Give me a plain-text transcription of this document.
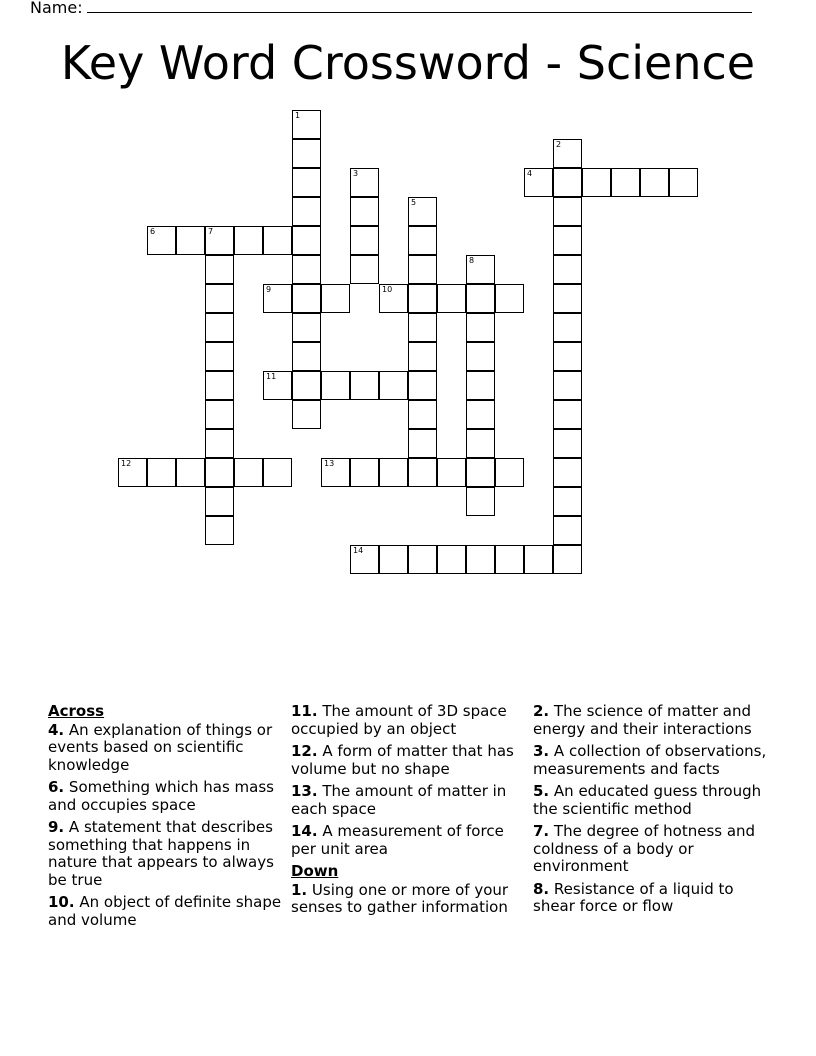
Name:
Key Word Crossword - Science
1
2
3	4
5
6	7
8
9	10
11
12	13
14
Across
4. An explanation of things or events based on scientific knowledge
6. Something which has mass and occupies space
9. A statement that describes something that happens in nature that appears to always be true
10. An object of definite shape and volume
11. The amount of 3D space occupied by an object
12. A form of matter that has volume but no shape
13. The amount of matter in each space
14. A measurement of force per unit area
Down
1. Using one or more of your senses to gather information
2. The science of matter and energy and their interactions
3. A collection of observations, measurements and facts
5. An educated guess through the scientific method
7. The degree of hotness and coldness of a body or environment
8. Resistance of a liquid to shear force or flow
